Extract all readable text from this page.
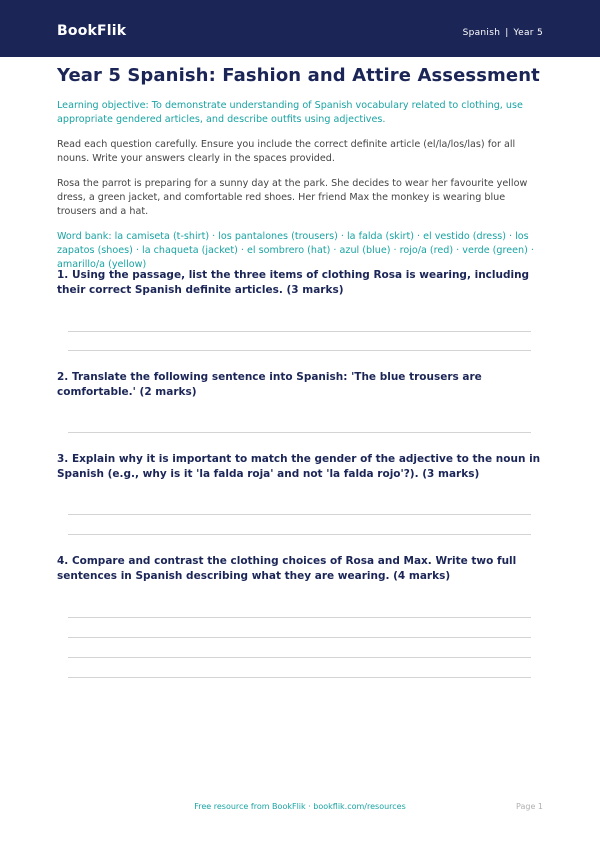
BookFlik	Spanish | Year 5
Year 5 Spanish: Fashion and Attire Assessment

Learning objective: To demonstrate understanding of Spanish vocabulary related to clothing, use appropriate gendered articles, and describe outfits using adjectives.

Read each question carefully. Ensure you include the correct definite article (el/la/los/las) for all nouns. Write your answers clearly in the spaces provided.

Rosa the parrot is preparing for a sunny day at the park. She decides to wear her favourite yellow dress, a green jacket, and comfortable red shoes. Her friend Max the monkey is wearing blue trousers and a hat.

Word bank: la camiseta (t-shirt) · los pantalones (trousers) · la falda (skirt) · el vestido (dress) · los zapatos (shoes) · la chaqueta (jacket) · el sombrero (hat) · azul (blue) · rojo/a (red) · verde (green) · amarillo/a (yellow)

1. Using the passage, list the three items of clothing Rosa is wearing, including their correct Spanish definite articles. (3 marks)
2. Translate the following sentence into Spanish: 'The blue trousers are comfortable.' (2 marks)
3. Explain why it is important to match the gender of the adjective to the noun in Spanish (e.g., why is it 'la falda roja' and not 'la falda rojo'?). (3 marks)
4. Compare and contrast the clothing choices of Rosa and Max. Write two full sentences in Spanish describing what they are wearing. (4 marks)
Free resource from BookFlik · bookflik.com/resources	Page 1
